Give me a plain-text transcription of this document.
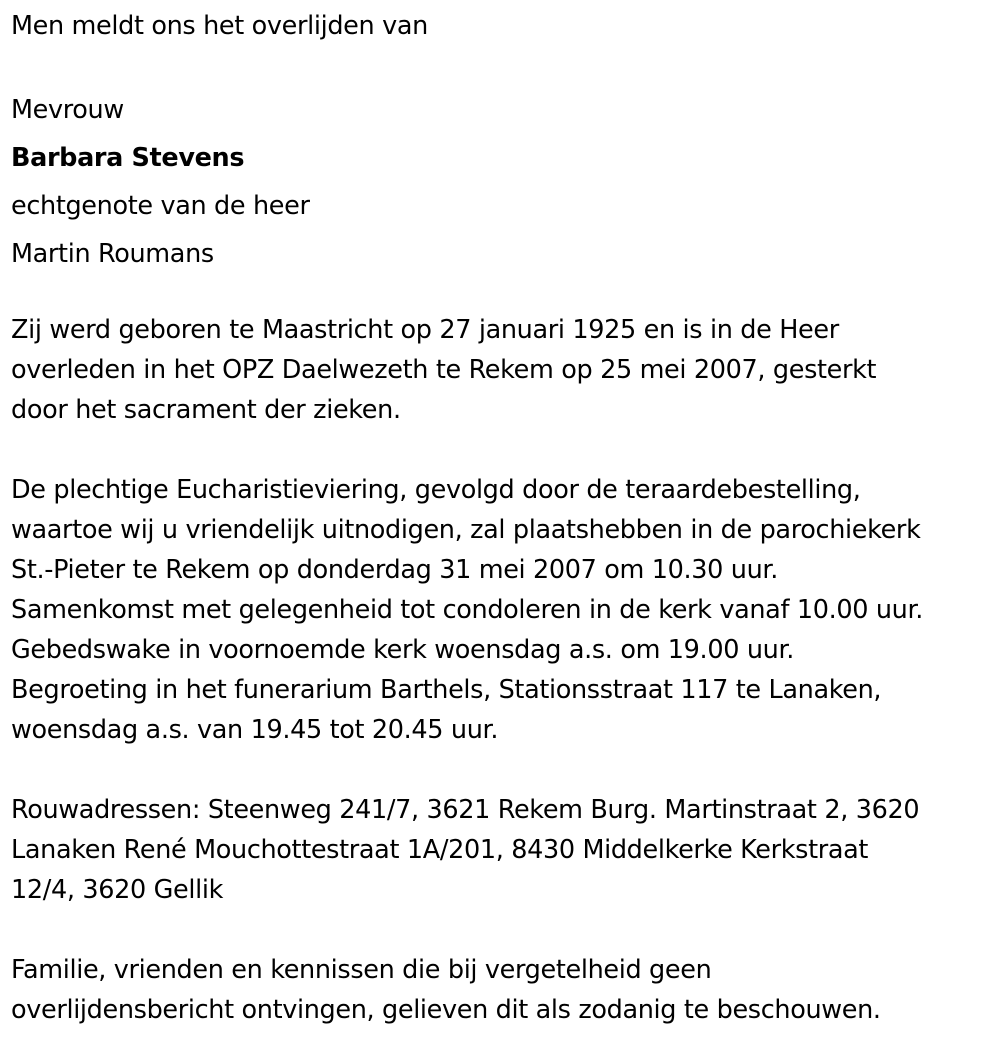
Men meldt ons het overlijden van
Mevrouw
Barbara Stevens
echtgenote van de heer
Martin Roumans
Zij werd geboren te Maastricht op 27 januari 1925 en is in de Heer
overleden in het OPZ Daelwezeth te Rekem op 25 mei 2007, gesterkt
door het sacrament der zieken.
De plechtige Eucharistieviering, gevolgd door de teraardebestelling,
waartoe wij u vriendelijk uitnodigen, zal plaatshebben in de parochiekerk
St.-Pieter te Rekem op donderdag 31 mei 2007 om 10.30 uur.
Samenkomst met gelegenheid tot condoleren in de kerk vanaf 10.00 uur.
Gebedswake in voornoemde kerk woensdag a.s. om 19.00 uur.
Begroeting in het funerarium Barthels, Stationsstraat 117 te Lanaken,
woensdag a.s. van 19.45 tot 20.45 uur.
Rouwadressen: Steenweg 241/7, 3621 Rekem Burg. Martinstraat 2, 3620
Lanaken René Mouchottestraat 1A/201, 8430 Middelkerke Kerkstraat
12/4, 3620 Gellik
Familie, vrienden en kennissen die bij vergetelheid geen
overlijdensbericht ontvingen, gelieven dit als zodanig te beschouwen.
